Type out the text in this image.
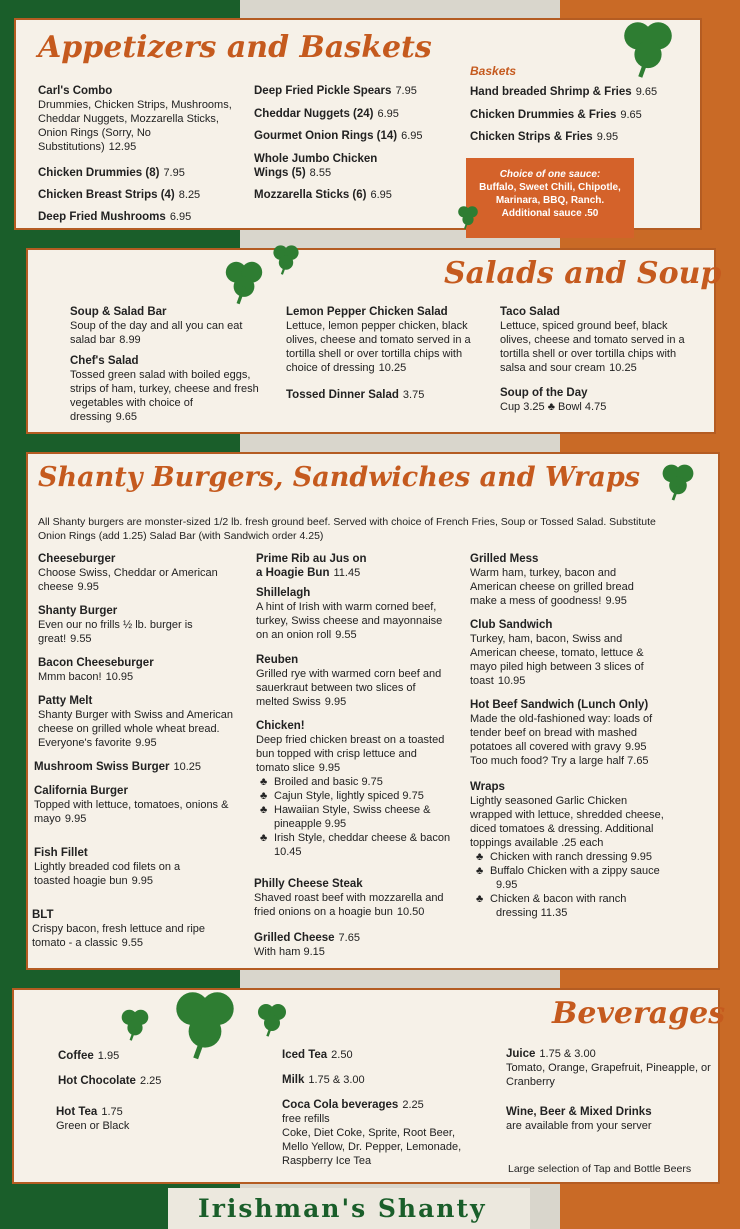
Appetizers and Baskets
Carl's Combo
Drummies, Chicken Strips, Mushrooms, Cheddar Nuggets, Mozzarella Sticks, Onion Rings (Sorry, No Substitutions) 12.95
Chicken Drummies (8) 7.95
Chicken Breast Strips (4) 8.25
Deep Fried Mushrooms 6.95
Deep Fried Pickle Spears 7.95
Cheddar Nuggets (24) 6.95
Gourmet Onion Rings (14) 6.95
Whole Jumbo Chicken Wings (5) 8.55
Mozzarella Sticks (6) 6.95
Baskets
Hand breaded Shrimp & Fries 9.65
Chicken Drummies & Fries 9.65
Chicken Strips & Fries 9.95
Choice of one sauce:
Buffalo, Sweet Chili, Chipotle, Marinara, BBQ, Ranch.
Additional sauce .50
Salads and Soup
Soup & Salad Bar
Soup of the day and all you can eat salad bar 8.99
Chef's Salad
Tossed green salad with boiled eggs, strips of ham, turkey, cheese and fresh vegetables with choice of dressing 9.65
Lemon Pepper Chicken Salad
Lettuce, lemon pepper chicken, black olives, cheese and tomato served in a tortilla shell or over tortilla chips with choice of dressing 10.25
Tossed Dinner Salad 3.75
Taco Salad
Lettuce, spiced ground beef, black olives, cheese and tomato served in a tortilla shell or over tortilla chips with salsa and sour cream 10.25
Soup of the Day
Cup 3.25 ♣ Bowl 4.75
Shanty Burgers, Sandwiches and Wraps
All Shanty burgers are monster-sized 1/2 lb. fresh ground beef. Served with choice of French Fries, Soup or Tossed Salad. Substitute Onion Rings (add 1.25) Salad Bar (with Sandwich order 4.25)
Cheeseburger
Choose Swiss, Cheddar or American cheese 9.95
Shanty Burger
Even our no frills ½ lb. burger is great! 9.55
Bacon Cheeseburger
Mmm bacon! 10.95
Patty Melt
Shanty Burger with Swiss and American cheese on grilled whole wheat bread. Everyone's favorite 9.95
Mushroom Swiss Burger 10.25
California Burger
Topped with lettuce, tomatoes, onions & mayo 9.95
Fish Fillet
Lightly breaded cod filets on a toasted hoagie bun 9.95
BLT
Crispy bacon, fresh lettuce and ripe tomato - a classic 9.55
Prime Rib au Jus on a Hoagie Bun 11.45
Shillelagh
A hint of Irish with warm corned beef, turkey, Swiss cheese and mayonnaise on an onion roll 9.55
Reuben
Grilled rye with warmed corn beef and sauerkraut between two slices of melted Swiss 9.95
Chicken!
Deep fried chicken breast on a toasted bun topped with crisp lettuce and tomato slice 9.95
♣ Broiled and basic 9.75
♣ Cajun Style, lightly spiced 9.75
♣ Hawaiian Style, Swiss cheese & pineapple 9.95
♣ Irish Style, cheddar cheese & bacon 10.45
Philly Cheese Steak
Shaved roast beef with mozzarella and fried onions on a hoagie bun 10.50
Grilled Cheese 7.65
With ham 9.15
Grilled Mess
Warm ham, turkey, bacon and American cheese on grilled bread make a mess of goodness! 9.95
Club Sandwich
Turkey, ham, bacon, Swiss and American cheese, tomato, lettuce & mayo piled high between 3 slices of toast 10.95
Hot Beef Sandwich (Lunch Only)
Made the old-fashioned way: loads of tender beef on bread with mashed potatoes all covered with gravy 9.95
Too much food? Try a large half 7.65
Wraps
Lightly seasoned Garlic Chicken wrapped with lettuce, shredded cheese, diced tomatoes & dressing. Additional toppings available .25 each
♣ Chicken with ranch dressing 9.95
♣ Buffalo Chicken with a zippy sauce 9.95
♣ Chicken & bacon with ranch dressing 11.35
Beverages
Coffee 1.95
Hot Chocolate 2.25
Hot Tea 1.75
Green or Black
Iced Tea 2.50
Milk 1.75 & 3.00
Coca Cola beverages 2.25
free refills
Coke, Diet Coke, Sprite, Root Beer, Mello Yellow, Dr. Pepper, Lemonade, Raspberry Ice Tea
Juice 1.75 & 3.00
Tomato, Orange, Grapefruit, Pineapple, or Cranberry
Wine, Beer & Mixed Drinks
are available from your server
Large selection of Tap and Bottle Beers
Irishman's Shanty
